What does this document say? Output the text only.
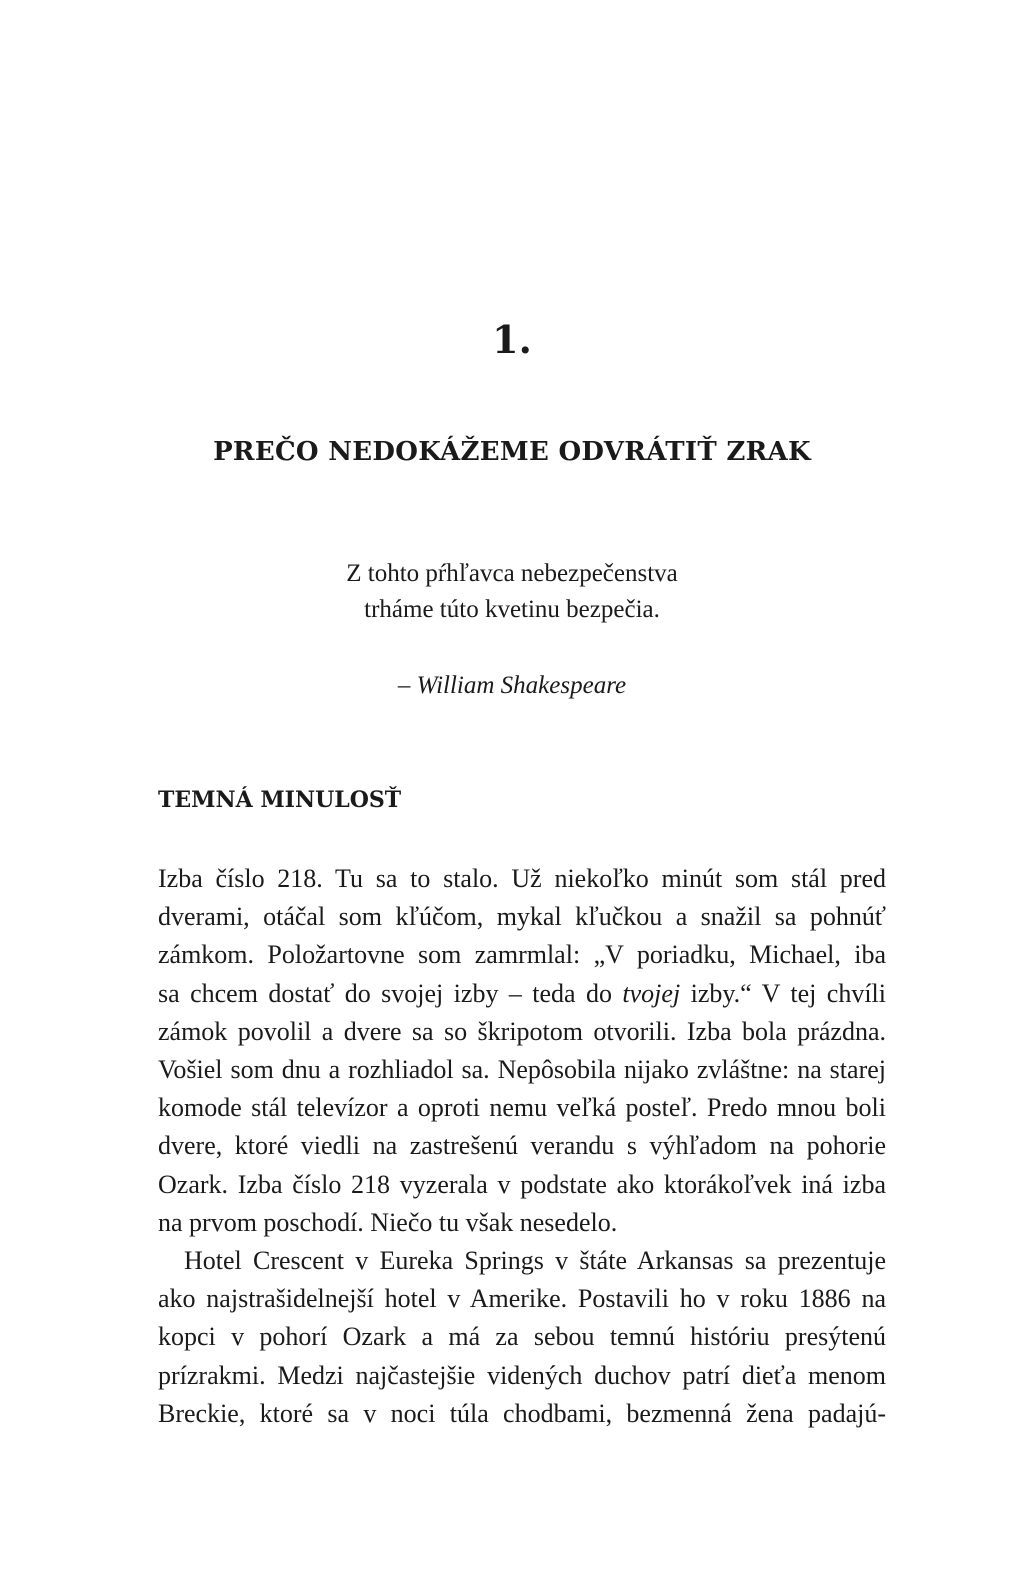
1.
PREČO NEDOKÁŽEME ODVRÁTIŤ ZRAK
Z tohto pŕhľavca nebezpečenstva
trháme túto kvetinu bezpečia.
– William Shakespeare
TEMNÁ MINULOSŤ
Izba číslo 218. Tu sa to stalo. Už niekoľko minút som stál pred
dverami, otáčal som kľúčom, mykal kľučkou a snažil sa pohnúť
zámkom. Položartovne som zamrmlal: „V poriadku, Michael, iba
sa chcem dostať do svojej izby – teda do tvojej izby.“ V tej chvíli
zámok povolil a dvere sa so škripotom otvorili. Izba bola prázdna.
Vošiel som dnu a rozhliadol sa. Nepôsobila nijako zvláštne: na starej
komode stál televízor a oproti nemu veľká posteľ. Predo mnou boli
dvere, ktoré viedli na zastrešenú verandu s výhľadom na pohorie
Ozark. Izba číslo 218 vyzerala v podstate ako ktorákoľvek iná izba
na prvom poschodí. Niečo tu však nesedelo.
Hotel Crescent v Eureka Springs v štáte Arkansas sa prezentuje
ako najstrašidelnejší hotel v Amerike. Postavili ho v roku 1886 na
kopci v pohorí Ozark a má za sebou temnú históriu presýtenú
prízrakmi. Medzi najčastejšie videných duchov patrí dieťa menom
Breckie, ktoré sa v noci túla chodbami, bezmenná žena padajú-
